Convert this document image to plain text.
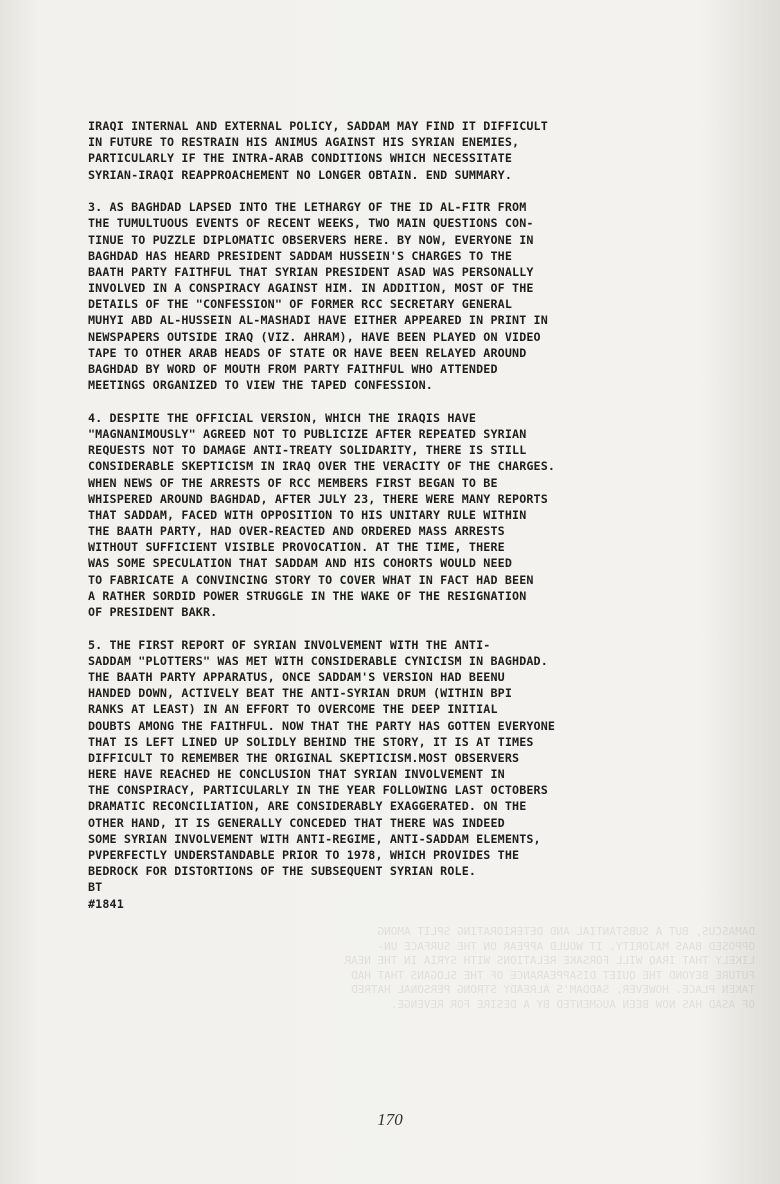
DAMASCUS, BUT A SUBSTANTIAL AND DETERIORATING SPLIT AMONG
OPPOSED BAAS MAJORITY. IT WOULD APPEAR ON THE SURFACE UN-
LIKELY THAT IRAQ WILL FORSAKE RELATIONS WITH SYRIA IN THE NEAR
FUTURE BEYOND THE QUIET DISAPPEARANCE OF THE SLOGANS THAT HAD
TAKEN PLACE. HOWEVER, SADDAM'S ALREADY STRONG PERSONAL HATRED
OF ASAD HAS NOW BEEN AUGMENTED BY A DESIRE FOR REVENGE.
IRAQI INTERNAL AND EXTERNAL POLICY, SADDAM MAY FIND IT DIFFICULT
IN FUTURE TO RESTRAIN HIS ANIMUS AGAINST HIS SYRIAN ENEMIES,
PARTICULARLY IF THE INTRA-ARAB CONDITIONS WHICH NECESSITATE
SYRIAN-IRAQI REAPPROACHEMENT NO LONGER OBTAIN. END SUMMARY.
3. AS BAGHDAD LAPSED INTO THE LETHARGY OF THE ID AL-FITR FROM
THE TUMULTUOUS EVENTS OF RECENT WEEKS, TWO MAIN QUESTIONS CON-
TINUE TO PUZZLE DIPLOMATIC OBSERVERS HERE. BY NOW, EVERYONE IN
BAGHDAD HAS HEARD PRESIDENT SADDAM HUSSEIN'S CHARGES TO THE
BAATH PARTY FAITHFUL THAT SYRIAN PRESIDENT ASAD WAS PERSONALLY
INVOLVED IN A CONSPIRACY AGAINST HIM. IN ADDITION, MOST OF THE
DETAILS OF THE "CONFESSION" OF FORMER RCC SECRETARY GENERAL
MUHYI ABD AL-HUSSEIN AL-MASHADI HAVE EITHER APPEARED IN PRINT IN
NEWSPAPERS OUTSIDE IRAQ (VIZ. AHRAM), HAVE BEEN PLAYED ON VIDEO
TAPE TO OTHER ARAB HEADS OF STATE OR HAVE BEEN RELAYED AROUND
BAGHDAD BY WORD OF MOUTH FROM PARTY FAITHFUL WHO ATTENDED
MEETINGS ORGANIZED TO VIEW THE TAPED CONFESSION.
4. DESPITE THE OFFICIAL VERSION, WHICH THE IRAQIS HAVE
"MAGNANIMOUSLY" AGREED NOT TO PUBLICIZE AFTER REPEATED SYRIAN
REQUESTS NOT TO DAMAGE ANTI-TREATY SOLIDARITY, THERE IS STILL
CONSIDERABLE SKEPTICISM IN IRAQ OVER THE VERACITY OF THE CHARGES.
WHEN NEWS OF THE ARRESTS OF RCC MEMBERS FIRST BEGAN TO BE
WHISPERED AROUND BAGHDAD, AFTER JULY 23, THERE WERE MANY REPORTS
THAT SADDAM, FACED WITH OPPOSITION TO HIS UNITARY RULE WITHIN
THE BAATH PARTY, HAD OVER-REACTED AND ORDERED MASS ARRESTS
WITHOUT SUFFICIENT VISIBLE PROVOCATION. AT THE TIME, THERE
WAS SOME SPECULATION THAT SADDAM AND HIS COHORTS WOULD NEED
TO FABRICATE A CONVINCING STORY TO COVER WHAT IN FACT HAD BEEN
A RATHER SORDID POWER STRUGGLE IN THE WAKE OF THE RESIGNATION
OF PRESIDENT BAKR.
5. THE FIRST REPORT OF SYRIAN INVOLVEMENT WITH THE ANTI-
SADDAM "PLOTTERS" WAS MET WITH CONSIDERABLE CYNICISM IN BAGHDAD.
THE BAATH PARTY APPARATUS, ONCE SADDAM'S VERSION HAD BEENU
HANDED DOWN, ACTIVELY BEAT THE ANTI-SYRIAN DRUM (WITHIN BPI
RANKS AT LEAST) IN AN EFFORT TO OVERCOME THE DEEP INITIAL
DOUBTS AMONG THE FAITHFUL. NOW THAT THE PARTY HAS GOTTEN EVERYONE
THAT IS LEFT LINED UP SOLIDLY BEHIND THE STORY, IT IS AT TIMES
DIFFICULT TO REMEMBER THE ORIGINAL SKEPTICISM.MOST OBSERVERS
HERE HAVE REACHED HE CONCLUSION THAT SYRIAN INVOLVEMENT IN
THE CONSPIRACY, PARTICULARLY IN THE YEAR FOLLOWING LAST OCTOBERS
DRAMATIC RECONCILIATION, ARE CONSIDERABLY EXAGGERATED. ON THE
OTHER HAND, IT IS GENERALLY CONCEDED THAT THERE WAS INDEED
SOME SYRIAN INVOLVEMENT WITH ANTI-REGIME, ANTI-SADDAM ELEMENTS,
PVPERFECTLY UNDERSTANDABLE PRIOR TO 1978, WHICH PROVIDES THE
BEDROCK FOR DISTORTIONS OF THE SUBSEQUENT SYRIAN ROLE.
BT
#1841
170
